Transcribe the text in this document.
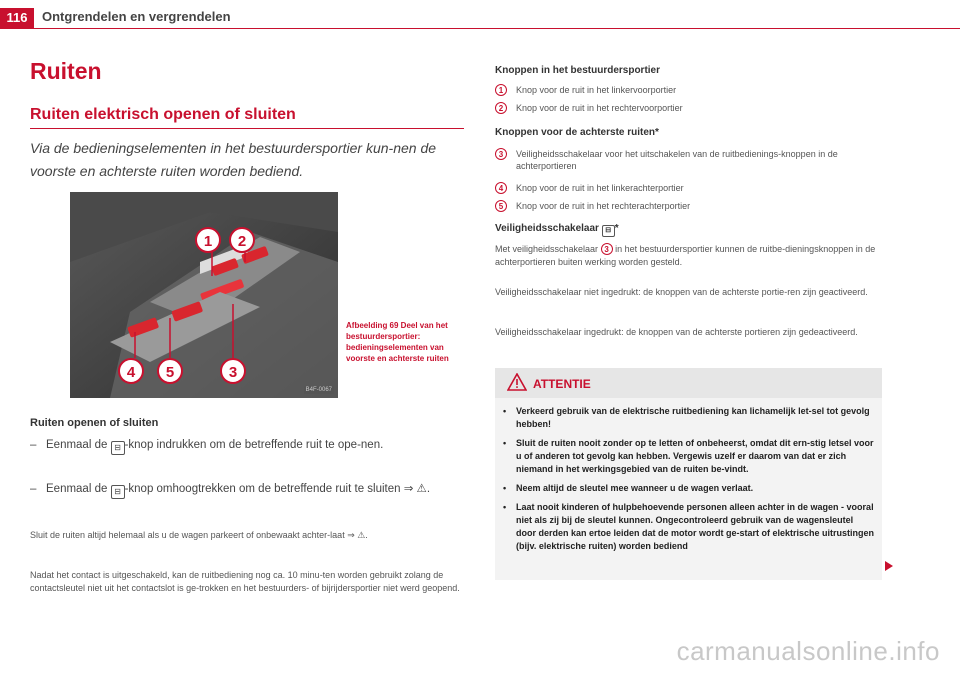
116	Ontgrendelen en vergrendelen
Ruiten
Ruiten elektrisch openen of sluiten
Via de bedieningselementen in het bestuurdersportier kun-nen de voorste en achterste ruiten worden bediend.
1 2
3
4 5
B4F-0067
Afbeelding 69 Deel van het bestuurdersportier: bedieningselementen van voorste en achterste ruiten
Ruiten openen of sluiten
– Eenmaal de ⊟ -knop indrukken om de betreffende ruit te ope-nen.
– Eenmaal de ⊟ -knop omhoogtrekken om de betreffende ruit te sluiten ⇒ ⚠.
Sluit de ruiten altijd helemaal als u de wagen parkeert of onbewaakt achter-laat ⇒ ⚠.
Nadat het contact is uitgeschakeld, kan de ruitbediening nog ca. 10 minu-ten worden gebruikt zolang de contactsleutel niet uit het contactslot is ge-trokken en het bestuurders- of bijrijdersportier niet werd geopend.
Knoppen in het bestuurdersportier
1	Knop voor de ruit in het linkervoorportier
2	Knop voor de ruit in het rechtervoorportier
Knoppen voor de achterste ruiten*
3	Veiligheidsschakelaar voor het uitschakelen van de ruitbedienings-knoppen in de achterportieren
4	Knop voor de ruit in het linkerachterportier
5	Knop voor de ruit in het rechterachterportier
Veiligheidsschakelaar ⊟ *
Met veiligheidsschakelaar 3 in het bestuurdersportier kunnen de ruitbe-dieningsknoppen in de achterportieren buiten werking worden gesteld.
Veiligheidsschakelaar niet ingedrukt: de knoppen van de achterste portie-ren zijn geactiveerd.
Veiligheidsschakelaar ingedrukt: de knoppen van de achterste portieren zijn gedeactiveerd.
ATTENTIE
• Verkeerd gebruik van de elektrische ruitbediening kan lichamelijk let-sel tot gevolg hebben!
• Sluit de ruiten nooit zonder op te letten of onbeheerst, omdat dit ern-stig letsel voor u of anderen tot gevolg kan hebben. Vergewis uzelf er daarom van dat er zich niemand in het werkingsgebied van de ruiten be-vindt.
• Neem altijd de sleutel mee wanneer u de wagen verlaat.
• Laat nooit kinderen of hulpbehoevende personen alleen achter in de wagen - vooral niet als zij bij de sleutel kunnen. Ongecontroleerd gebruik van de wagensleutel door derden kan ertoe leiden dat de motor wordt ge-start of elektrische uitrustingen (bijv. elektrische ruiten) worden bediend
carmanualsonline.info
